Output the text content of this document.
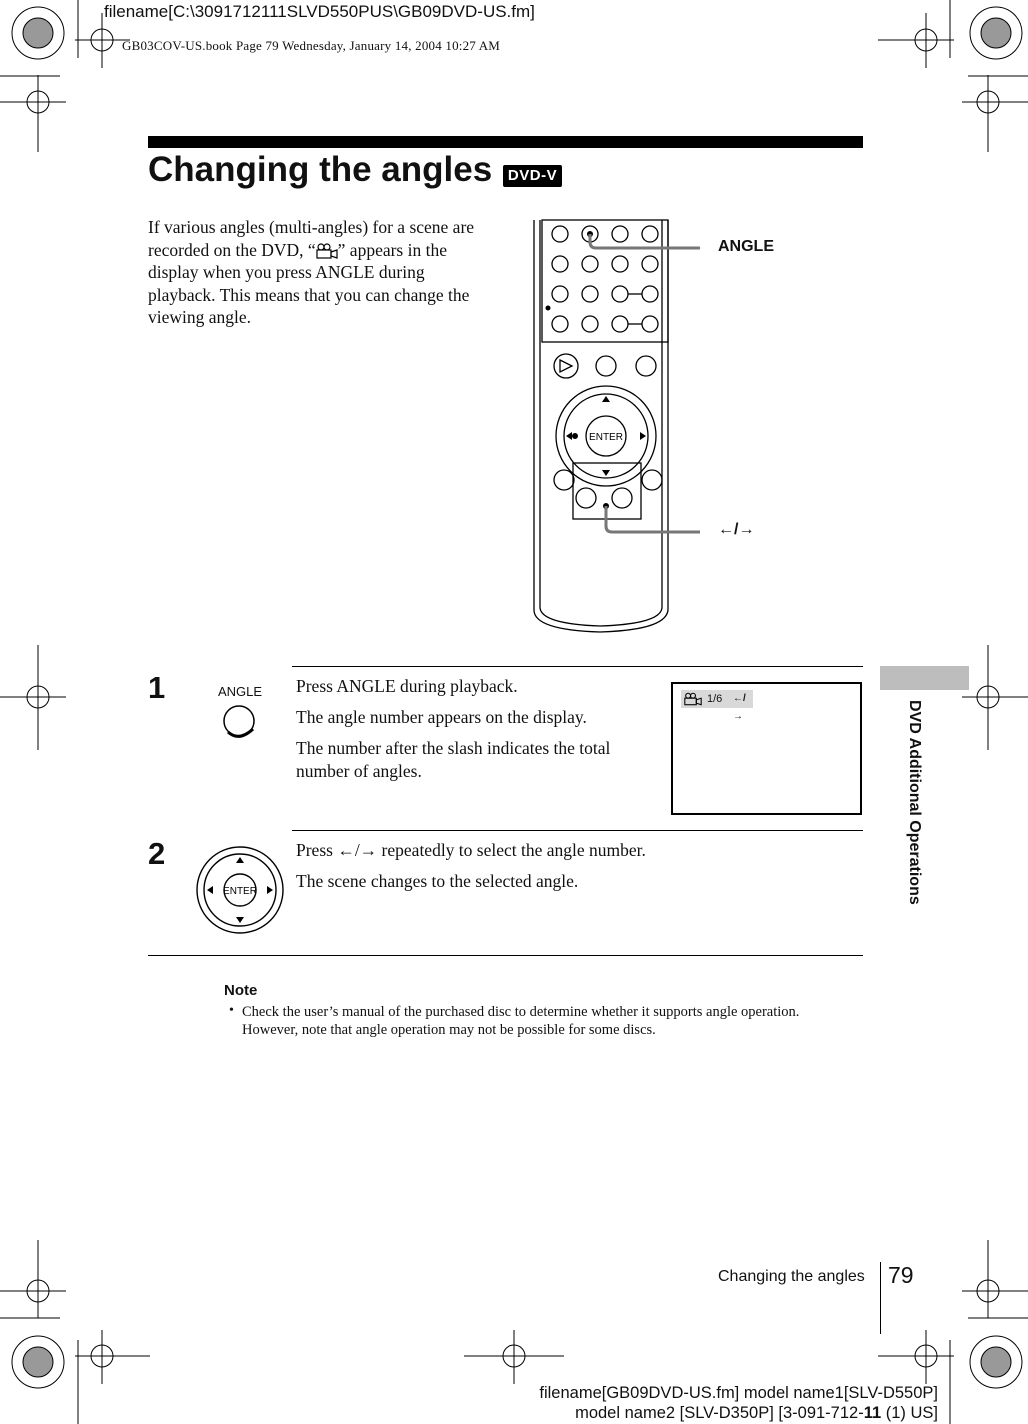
filename[C:\3091712111SLVD550PUS\GB09DVD-US.fm]
GB03COV-US.book Page 79 Wednesday, January 14, 2004 10:27 AM
Changing the angles	DVD-V
If various angles (multi-angles) for a scene are recorded on the DVD, “ ” appears in the display when you press ANGLE during playback. This means that you can change the viewing angle.
ENTER
ANGLE
←/→
1	ANGLE Press ANGLE during playback.
The angle number appears on the display.
The number after the slash indicates the total number of angles.
1/6 ←/→
2
ENTER
Press ←/→ repeatedly to select the angle number.
The scene changes to the selected angle.
Note
• Check the user’s manual of the purchased disc to determine whether it supports angle operation. However, note that angle operation may not be possible for some discs.
DVD Additional Operations
Changing the angles 79
filename[GB09DVD-US.fm] model name1[SLV-D550P]
model name2 [SLV-D350P] [3-091-712-11 (1) US]
